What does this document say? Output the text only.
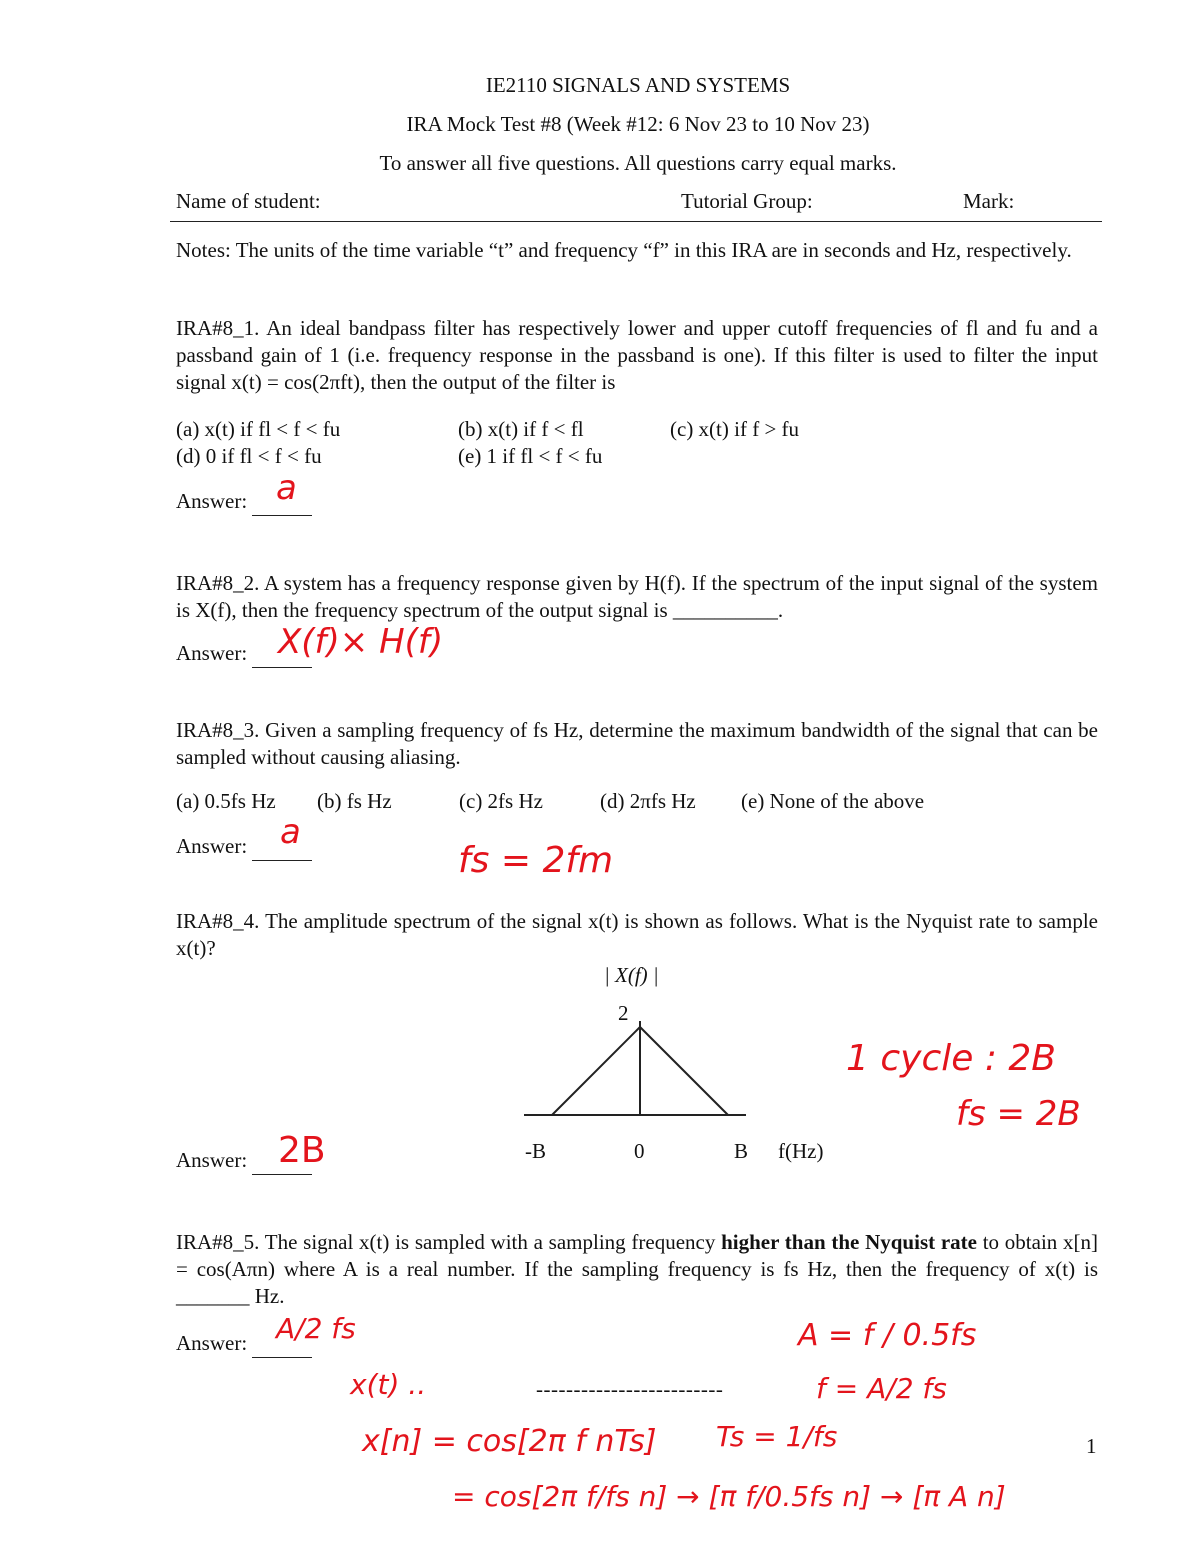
IE2110 SIGNALS AND SYSTEMS
IRA Mock Test #8 (Week #12: 6 Nov 23 to 10 Nov 23)
To answer all five questions. All questions carry equal marks.
Name of student:	Tutorial Group:	Mark:
Notes: The units of the time variable “t” and frequency “f” in this IRA are in seconds and Hz, respectively.
IRA#8_1. An ideal bandpass filter has respectively lower and upper cutoff frequencies of fl and fu and a passband gain of 1 (i.e. frequency response in the passband is one). If this filter is used to filter the input signal x(t) = cos(2πft), then the output of the filter is
(a) x(t) if fl < f < fu	(b) x(t) if f < fl	(c) x(t) if f > fu
(d) 0 if fl < f < fu	(e) 1 if fl < f < fu
Answer: a
IRA#8_2. A system has a frequency response given by H(f). If the spectrum of the input signal of the system is X(f), then the frequency spectrum of the output signal is __________.
Answer: X(f)× H(f)
IRA#8_3. Given a sampling frequency of fs Hz, determine the maximum bandwidth of the signal that can be sampled without causing aliasing.
(a) 0.5fs Hz (b) fs Hz	(c) 2fs Hz	(d) 2πfs Hz (e) None of the above
Answer: a
fs = 2fm
IRA#8_4. The amplitude spectrum of the signal x(t) is shown as follows. What is the Nyquist rate to sample x(t)?
| X(f) |
2
-B	0	B f(Hz)
Answer: 2B
1 cycle : 2B
fs = 2B
IRA#8_5. The signal x(t) is sampled with a sampling frequency higher than the Nyquist rate to obtain x[n] = cos(Aπn) where A is a real number. If the sampling frequency is fs Hz, then the frequency of x(t) is _______ Hz.
Answer:	A/2 fs	A = f / 0.5fs
f = A/2 fs
x(t) ..
x[n] = cos[2π f nTs] Ts = 1/fs
= cos[2π f/fs n] → [π f/0.5fs n] → [π A n]
-------------------------
1
